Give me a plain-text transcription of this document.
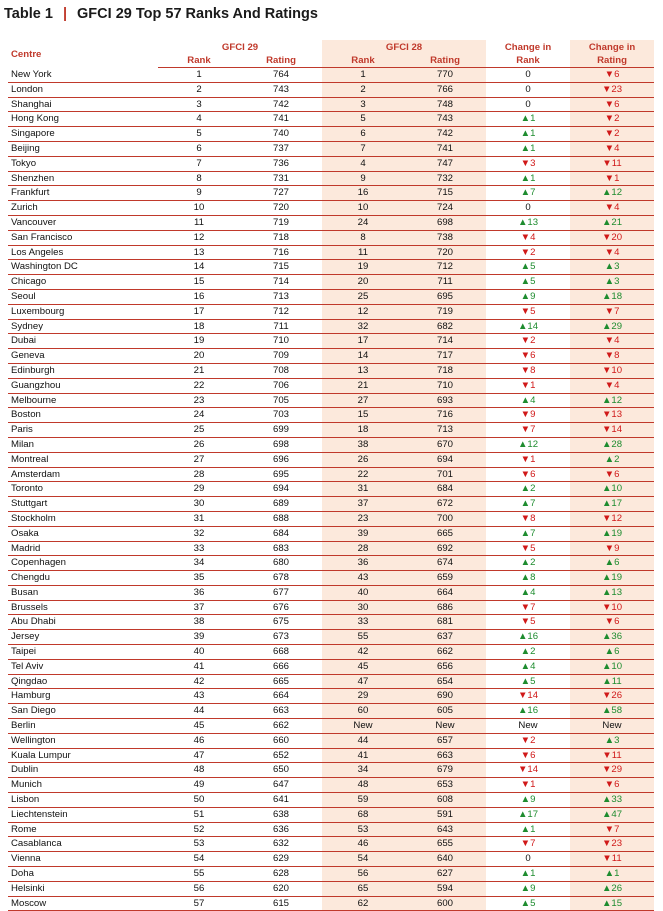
Table 1 | GFCI 29 Top 57 Ranks And Ratings
Centre	GFCI 29		GFCI 28		Change in	Change in
	Rank	Rating	Rank	Rating	Rank	Rating
New York	1	764	1	770	0	▼6
London	2	743	2	766	0	▼23
Shanghai	3	742	3	748	0	▼6
Hong Kong	4	741	5	743	▲1	▼2
Singapore	5	740	6	742	▲1	▼2
Beijing	6	737	7	741	▲1	▼4
Tokyo	7	736	4	747	▼3	▼11
Shenzhen	8	731	9	732	▲1	▼1
Frankfurt	9	727	16	715	▲7	▲12
Zurich	10	720	10	724	0	▼4
Vancouver	11	719	24	698	▲13	▲21
San Francisco	12	718	8	738	▼4	▼20
Los Angeles	13	716	11	720	▼2	▼4
Washington DC	14	715	19	712	▲5	▲3
Chicago	15	714	20	711	▲5	▲3
Seoul	16	713	25	695	▲9	▲18
Luxembourg	17	712	12	719	▼5	▼7
Sydney	18	711	32	682	▲14	▲29
Dubai	19	710	17	714	▼2	▼4
Geneva	20	709	14	717	▼6	▼8
Edinburgh	21	708	13	718	▼8	▼10
Guangzhou	22	706	21	710	▼1	▼4
Melbourne	23	705	27	693	▲4	▲12
Boston	24	703	15	716	▼9	▼13
Paris	25	699	18	713	▼7	▼14
Milan	26	698	38	670	▲12	▲28
Montreal	27	696	26	694	▼1	▲2
Amsterdam	28	695	22	701	▼6	▼6
Toronto	29	694	31	684	▲2	▲10
Stuttgart	30	689	37	672	▲7	▲17
Stockholm	31	688	23	700	▼8	▼12
Osaka	32	684	39	665	▲7	▲19
Madrid	33	683	28	692	▼5	▼9
Copenhagen	34	680	36	674	▲2	▲6
Chengdu	35	678	43	659	▲8	▲19
Busan	36	677	40	664	▲4	▲13
Brussels	37	676	30	686	▼7	▼10
Abu Dhabi	38	675	33	681	▼5	▼6
Jersey	39	673	55	637	▲16	▲36
Taipei	40	668	42	662	▲2	▲6
Tel Aviv	41	666	45	656	▲4	▲10
Qingdao	42	665	47	654	▲5	▲11
Hamburg	43	664	29	690	▼14	▼26
San Diego	44	663	60	605	▲16	▲58
Berlin	45	662	New	New	New	New
Wellington	46	660	44	657	▼2	▲3
Kuala Lumpur	47	652	41	663	▼6	▼11
Dublin	48	650	34	679	▼14	▼29
Munich	49	647	48	653	▼1	▼6
Lisbon	50	641	59	608	▲9	▲33
Liechtenstein	51	638	68	591	▲17	▲47
Rome	52	636	53	643	▲1	▼7
Casablanca	53	632	46	655	▼7	▼23
Vienna	54	629	54	640	0	▼11
Doha	55	628	56	627	▲1	▲1
Helsinki	56	620	65	594	▲9	▲26
Moscow	57	615	62	600	▲5	▲15
